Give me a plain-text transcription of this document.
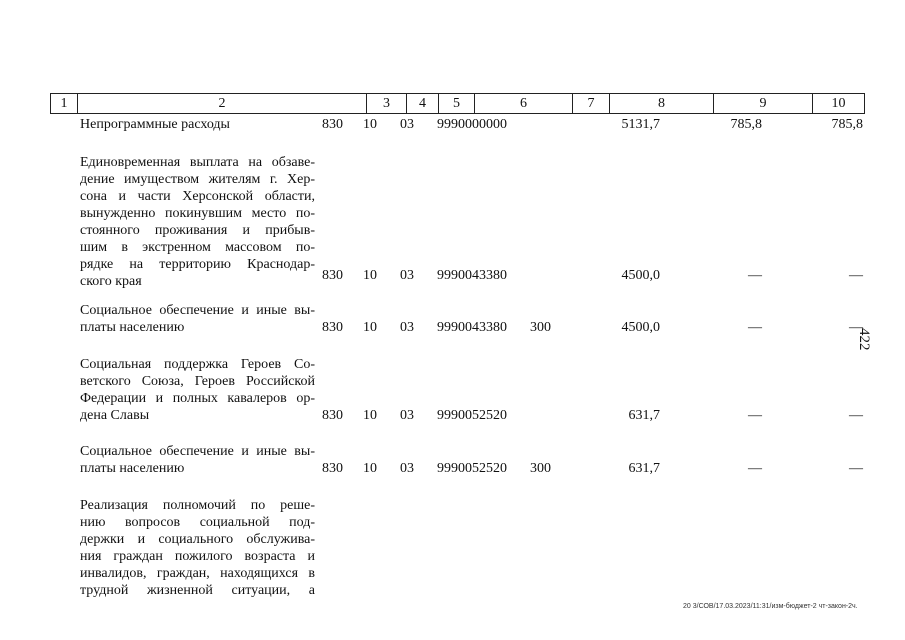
1	2	3	4	5	6	7	8	9	10
Непрограммные расходы	830 10 03 9990000000	5131,7	785,8	785,8
Единовременная выплата на обзаве-
дение имуществом жителям г. Хер-
сона и части Херсонской области,
вынужденно покинувшим место по-
стоянного проживания и прибыв-
шим в экстренном массовом по-
рядке на территорию Краснодар-
ского края	830 10 03 9990043380	4500,0	—	—
Социальное обеспечение и иные вы-
платы населению	830 10 03 9990043380 300	4500,0	—	—
Социальная поддержка Героев Со-
ветского Союза, Героев Российской
Федерации и полных кавалеров ор-
дена Славы	830 10 03 9990052520	631,7	—	—
Социальное обеспечение и иные вы-
платы населению	830 10 03 9990052520 300	631,7	—	—
Реализация полномочий по реше-
нию вопросов социальной под-
держки и социального обслужива-
ния граждан пожилого возраста и
инвалидов, граждан, находящихся в
трудной жизненной ситуации, а
422
20 3/СОВ/17.03.2023/11:31/изм-бюджет-2 чт-закон-2ч.
